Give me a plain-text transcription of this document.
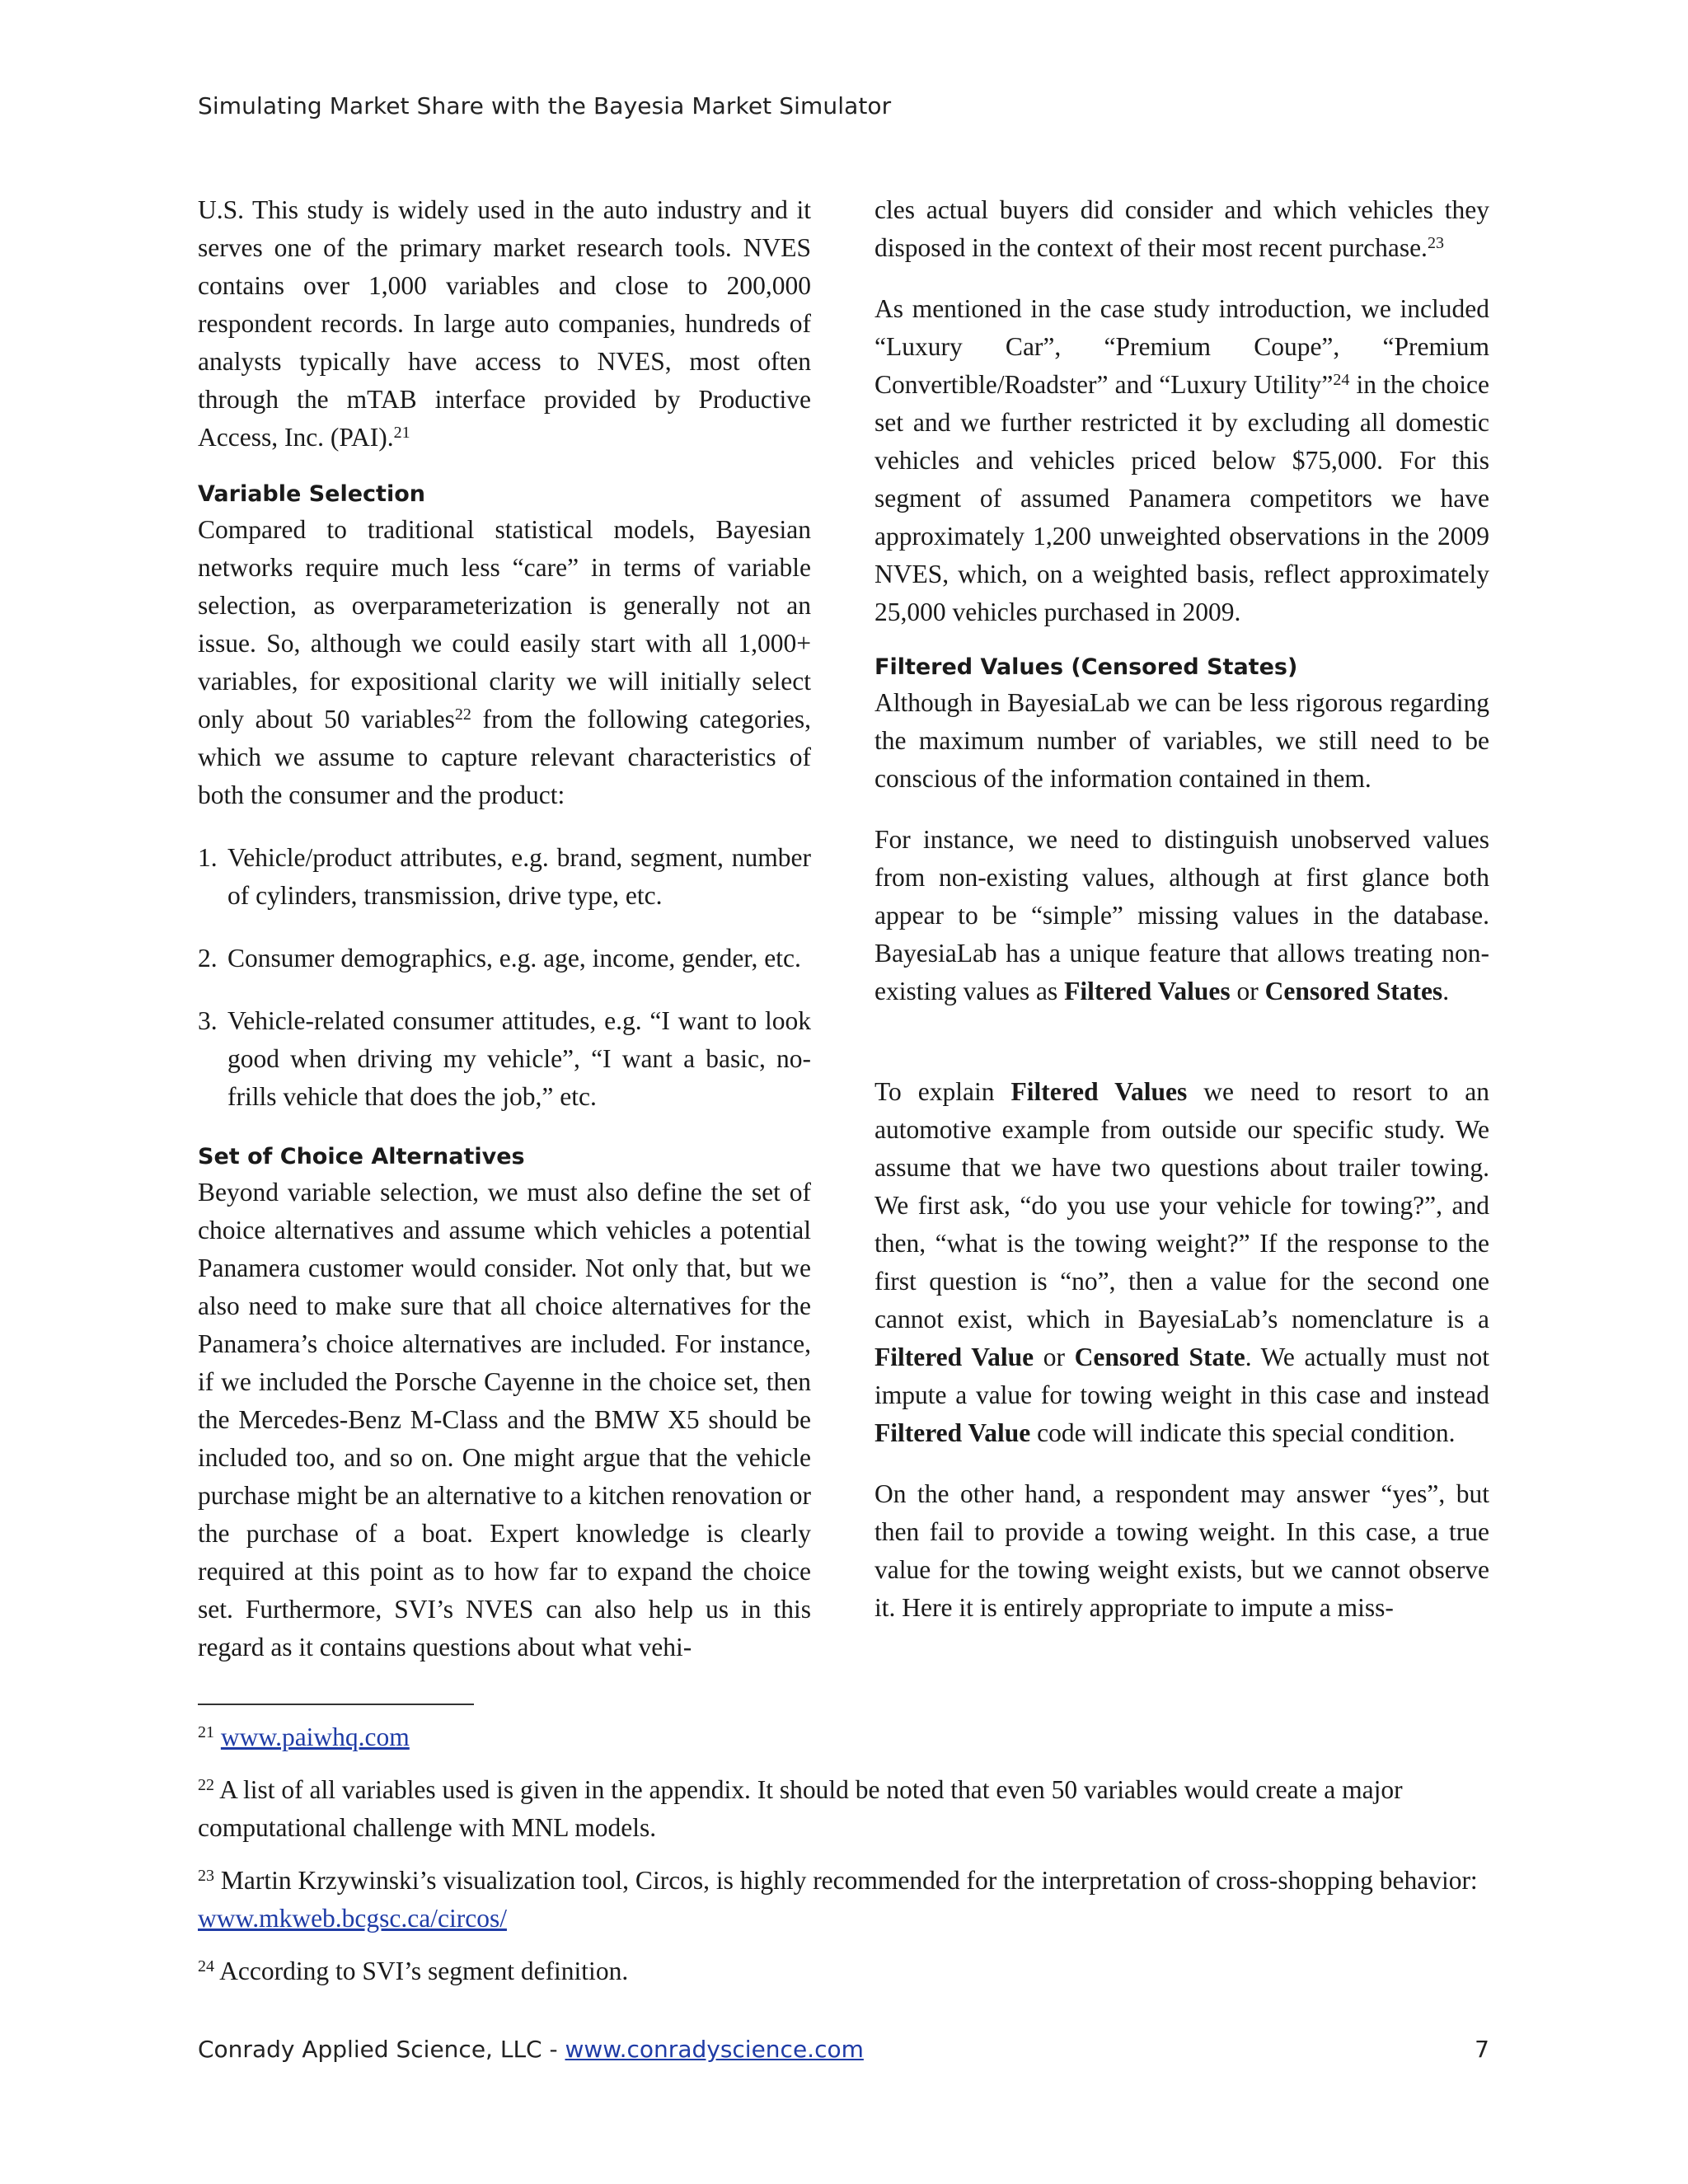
Simulating Market Share with the Bayesia Market Simulator

U.S. This study is widely used in the auto industry and it serves one of the primary market research tools. NVES contains over 1,000 variables and close to 200,000 respondent records. In large auto companies, hundreds of analysts typically have access to NVES, most often through the mTAB interface provided by Productive Access, Inc. (PAI).$^{21}$

Variable Selection

Compared to traditional statistical models, Bayesian networks require much less “care” in terms of variable selection, as overparameterization is generally not an issue. So, although we could easily start with all 1,000+ variables, for expositional clarity we will initially select only about 50 variables$^{22}$ from the following categories, which we assume to capture relevant characteristics of both the consumer and the product:

1. Vehicle/product attributes, e.g. brand, segment, number of cylinders, transmission, drive type, etc.
2. Consumer demographics, e.g. age, income, gender, etc.
3. Vehicle-related consumer attitudes, e.g. “I want to look good when driving my vehicle”, “I want a basic, no-frills vehicle that does the job,” etc.
Set of Choice Alternatives

Beyond variable selection, we must also define the set of choice alternatives and assume which vehicles a potential Panamera customer would consider. Not only that, but we also need to make sure that all choice alternatives for the Panamera’s choice alternatives are included. For instance, if we included the Porsche Cayenne in the choice set, then the Mercedes-Benz M-Class and the BMW X5 should be included too, and so on. One might argue that the vehicle purchase might be an alternative to a kitchen renovation or the purchase of a boat. Expert knowledge is clearly required at this point as to how far to expand the choice set. Furthermore, SVI’s NVES can also help us in this regard as it contains questions about what vehi-

cles actual buyers did consider and which vehicles they disposed in the context of their most recent purchase.$^{23}$

As mentioned in the case study introduction, we included “Luxury Car”, “Premium Coupe”, “Premium Convertible/Roadster” and “Luxury Utility”$^{24}$ in the choice set and we further restricted it by excluding all domestic vehicles and vehicles priced below $75,000. For this segment of assumed Panamera competitors we have approximately 1,200 unweighted observations in the 2009 NVES, which, on a weighted basis, reflect approximately 25,000 vehicles purchased in 2009.

Filtered Values (Censored States)

Although in BayesiaLab we can be less rigorous regarding the maximum number of variables, we still need to be conscious of the information contained in them.

For instance, we need to distinguish unobserved values from non-existing values, although at first glance both appear to be “simple” missing values in the database. BayesiaLab has a unique feature that allows treating non-existing values as Filtered Values or Censored States.

To explain Filtered Values we need to resort to an automotive example from outside our specific study. We assume that we have two questions about trailer towing. We first ask, “do you use your vehicle for towing?”, and then, “what is the towing weight?” If the response to the first question is “no”, then a value for the second one cannot exist, which in BayesiaLab’s nomenclature is a Filtered Value or Censored State. We actually must not impute a value for towing weight in this case and instead Filtered Value code will indicate this special condition.

On the other hand, a respondent may answer “yes”, but then fail to provide a towing weight. In this case, a true value for the towing weight exists, but we cannot observe it. Here it is entirely appropriate to impute a miss-

$^{21}$ www.paiwhq.com

$^{22}$ A list of all variables used is given in the appendix. It should be noted that even 50 variables would create a major computational challenge with MNL models.

$^{23}$ Martin Krzywinski’s visualization tool, Circos, is highly recommended for the interpretation of cross-shopping behavior: www.mkweb.bcgsc.ca/circos/

$^{24}$ According to SVI’s segment definition.

Conrady Applied Science, LLC - www.conradyscience.com	7
